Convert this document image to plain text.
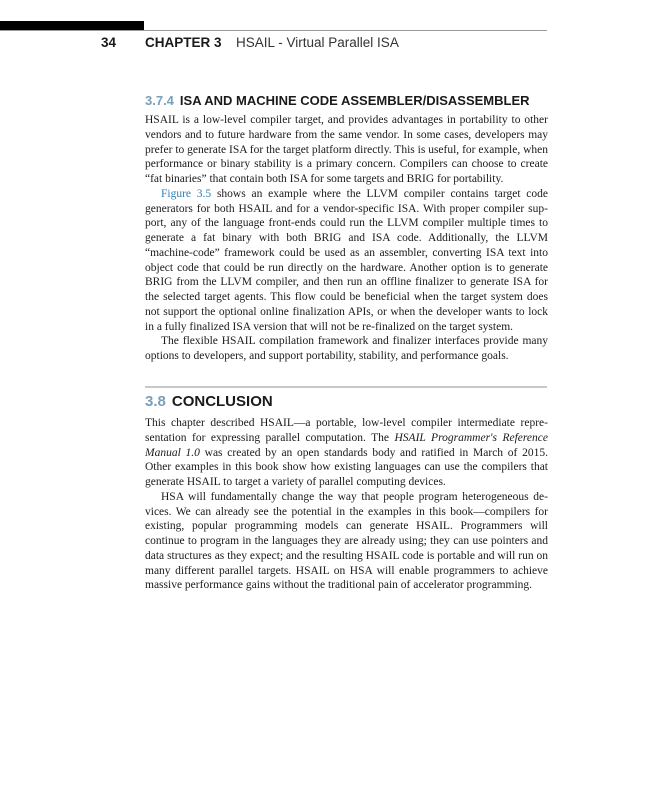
34 CHAPTER 3 HSAIL - Virtual Parallel ISA
3.7.4 ISA AND MACHINE CODE ASSEMBLER/DISASSEMBLER

HSAIL is a low-level compiler target, and provides advantages in portability to other vendors and to future hardware from the same vendor. In some cases, developers may prefer to generate ISA for the target platform directly. This is useful, for example, when performance or binary stability is a primary concern. Compilers can choose to create “fat binaries” that contain both ISA for some targets and BRIG for portability.

Figure 3.5 shows an example where the LLVM compiler contains target code generators for both HSAIL and for a vendor-specific ISA. With proper compiler support, any of the language front-ends could run the LLVM compiler multiple times to generate a fat binary with both BRIG and ISA code. Additionally, the LLVM “machine-code” framework could be used as an assembler, converting ISA text into object code that could be run directly on the hardware. Another option is to generate BRIG from the LLVM compiler, and then run an offline finalizer to generate ISA for the selected target agents. This flow could be beneficial when the target system does not support the optional online finalization APIs, or when the developer wants to lock in a fully finalized ISA version that will not be re-finalized on the target system.

The flexible HSAIL compilation framework and finalizer interfaces provide many options to developers, and support portability, stability, and performance goals.

3.8 CONCLUSION

This chapter described HSAIL—a portable, low-level compiler intermediate representation for expressing parallel computation. The HSAIL Programmer's Reference Manual 1.0 was created by an open standards body and ratified in March of 2015. Other examples in this book show how existing languages can use the compilers that generate HSAIL to target a variety of parallel computing devices.

HSA will fundamentally change the way that people program heterogeneous devices. We can already see the potential in the examples in this book—compilers for existing, popular programming models can generate HSAIL. Programmers will continue to program in the languages they are already using; they can use pointers and data structures as they expect; and the resulting HSAIL code is portable and will run on many different parallel targets. HSAIL on HSA will enable programmers to achieve massive performance gains without the traditional pain of accelerator programming.
